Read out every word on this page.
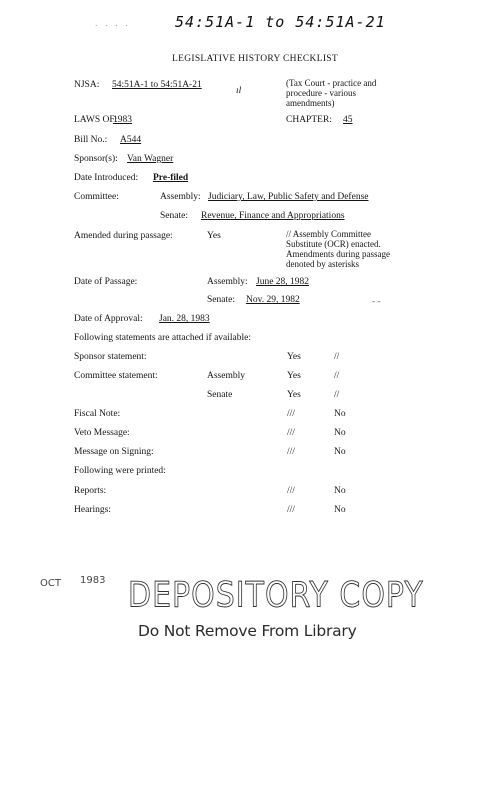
· · · ·	54:51A-1 to 54:51A-21
LEGISLATIVE HISTORY CHECKLIST
NJSA: 54:51A-1 to 54:51A-21
ıl
(Tax Court - practice and procedure - various amendments)
LAWS OF:
1983	CHAPTER: 45
Bill No.: A544
Sponsor(s): Van Wagner
Date Introduced: Pre-filed
Committee:	Assembly: Judiciary, Law, Public Safety and Defense
Senate: Revenue, Finance and Appropriations
Amended during passage:	Yes	// Assembly Committee Substitute (OCR) enacted. Amendments during passage denoted by asterisks
Date of Passage:	Assembly: June 28, 1982
Senate: Nov. 29, 1982	- -
Date of Approval: Jan. 28, 1983
Following statements are attached if available:
Sponsor statement:	Yes	//
Committee statement:	Assembly	Yes	//
Senate	Yes	//
Fiscal Note:	///	No
Veto Message:	///	No
Message on Signing:	///	No
Following were printed:
Reports:	///	No
Hearings:	///	No
OCT 1983 DEPOSITORY COPY
Do Not Remove From Library
